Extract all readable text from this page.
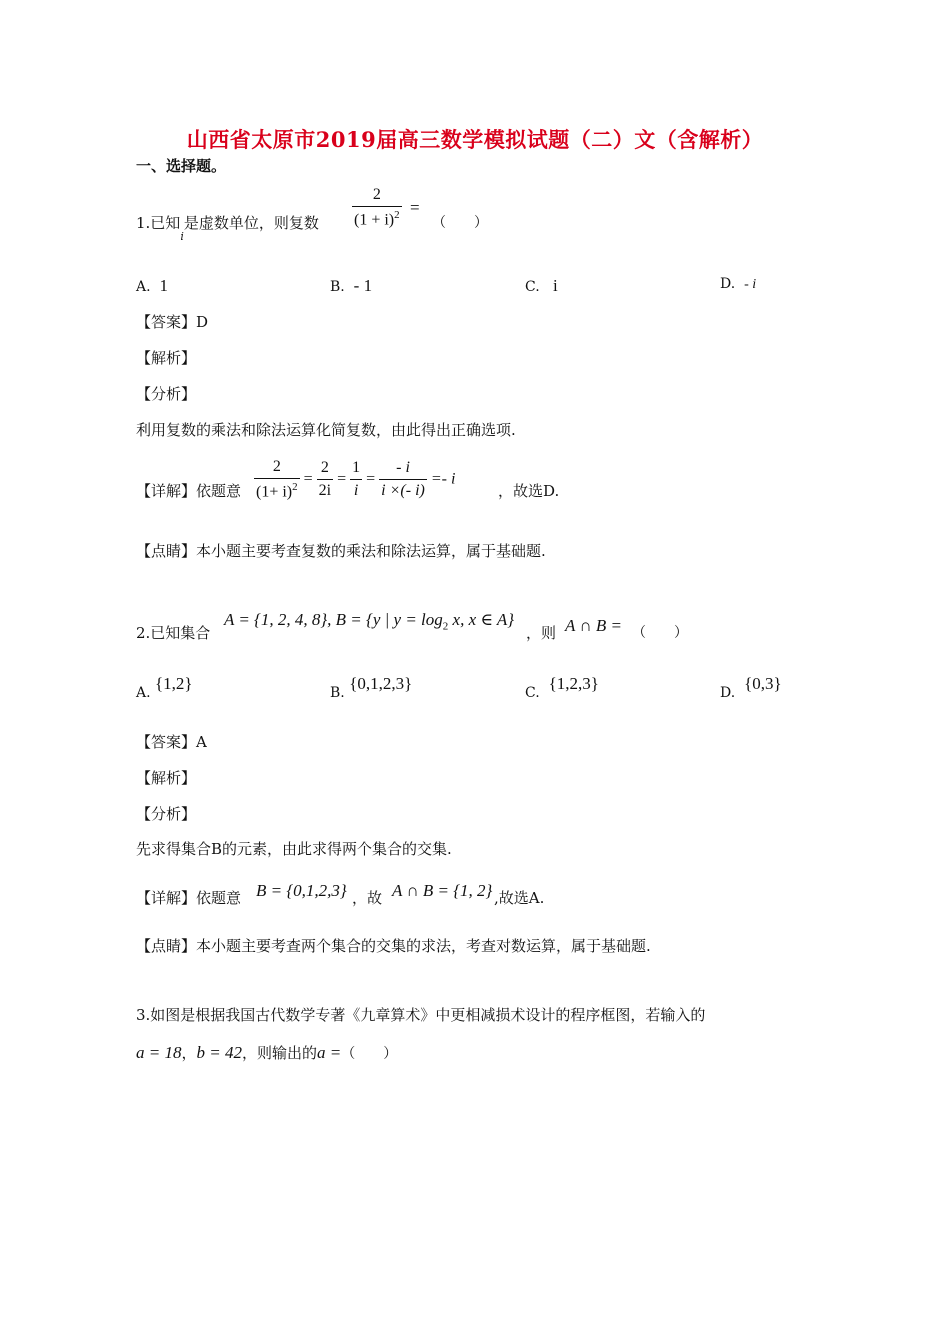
山西省太原市2019届高三数学模拟试题（二）文（含解析）
一、选择题。
1.已知$_i$是虚数单位，则复数 $\frac{2}{(1 + i)^2}$ =
（　　）
A. 1	B. - 1	C. i	D. - i
【答案】D
【解析】
【分析】
利用复数的乘法和除法运算化简复数，由此得出正确选项.
【详解】依题意 $\frac{2}{(1+ i)^2} = \frac{2}{2i} = \frac{1}{i} = \frac{- i}{i \times(- i)} =- i$
，故选D.
【点睛】本小题主要考查复数的乘法和除法运算，属于基础题.
2.已知集合
A = {1, 2, 4, 8}, B = {y | $y = \log_2 x$, x ∈ A}
，则 A ∩ B = （　　）
A. {1,2}	B. {0,1,2,3}	C. {1,2,3}	D. {0,3}
【答案】A
【解析】
【分析】
先求得集合B的元素，由此求得两个集合的交集.
【详解】依题意 B = {0,1,2,3} ，故 A ∩ B = {1, 2} ,故选A.
【点睛】本小题主要考查两个集合的交集的求法，考查对数运算，属于基础题.
3.如图是根据我国古代数学专著《九章算术》中更相减损术设计的程序框图，若输入的
a = 18，b = 42，则输出的a =（　　）
